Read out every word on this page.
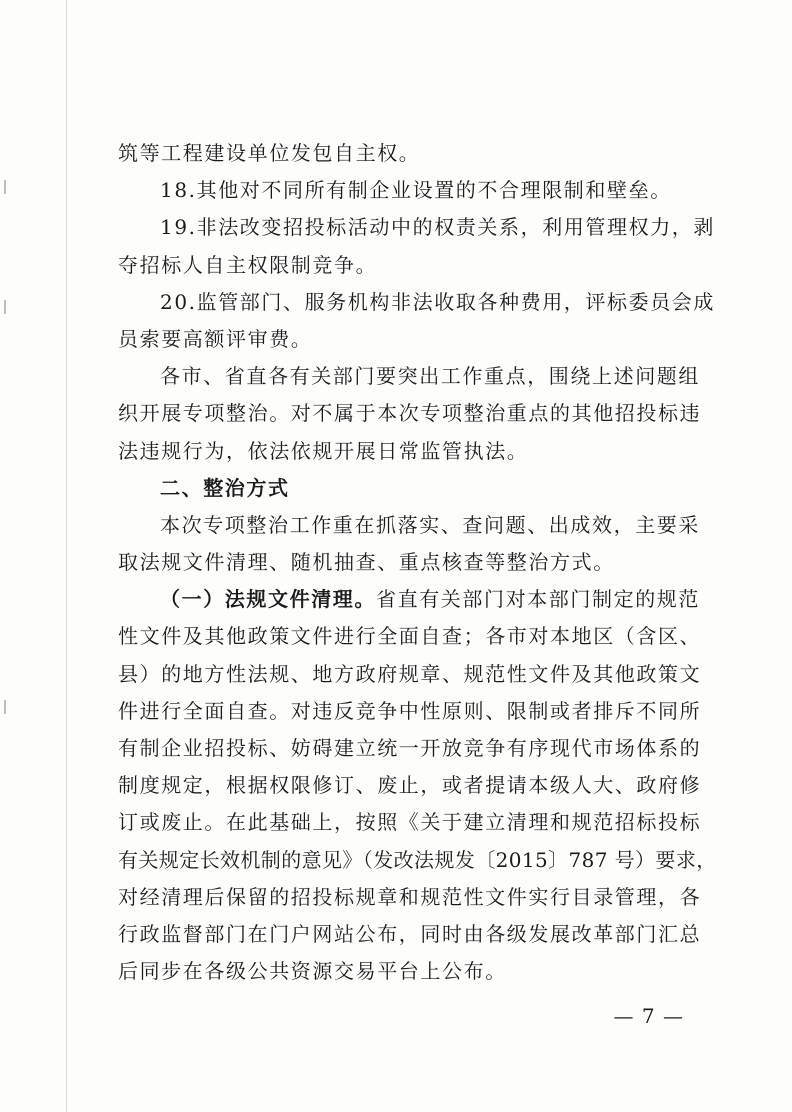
筑等工程建设单位发包自主权。
18.其他对不同所有制企业设置的不合理限制和壁垒。
19.非法改变招投标活动中的权责关系，利用管理权力，剥
夺招标人自主权限制竞争。
20.监管部门、服务机构非法收取各种费用，评标委员会成
员索要高额评审费。
各市、省直各有关部门要突出工作重点，围绕上述问题组
织开展专项整治。对不属于本次专项整治重点的其他招投标违
法违规行为，依法依规开展日常监管执法。
二、整治方式
本次专项整治工作重在抓落实、查问题、出成效，主要采
取法规文件清理、随机抽查、重点核查等整治方式。
（一）法规文件清理。省直有关部门对本部门制定的规范
性文件及其他政策文件进行全面自查；各市对本地区（含区、
县）的地方性法规、地方政府规章、规范性文件及其他政策文
件进行全面自查。对违反竞争中性原则、限制或者排斥不同所
有制企业招投标、妨碍建立统一开放竞争有序现代市场体系的
制度规定，根据权限修订、废止，或者提请本级人大、政府修
订或废止。在此基础上，按照《关于建立清理和规范招标投标
有关规定长效机制的意见》（发改法规发〔2015〕787 号）要求，
对经清理后保留的招投标规章和规范性文件实行目录管理，各
行政监督部门在门户网站公布，同时由各级发展改革部门汇总
后同步在各级公共资源交易平台上公布。
— 7 —
